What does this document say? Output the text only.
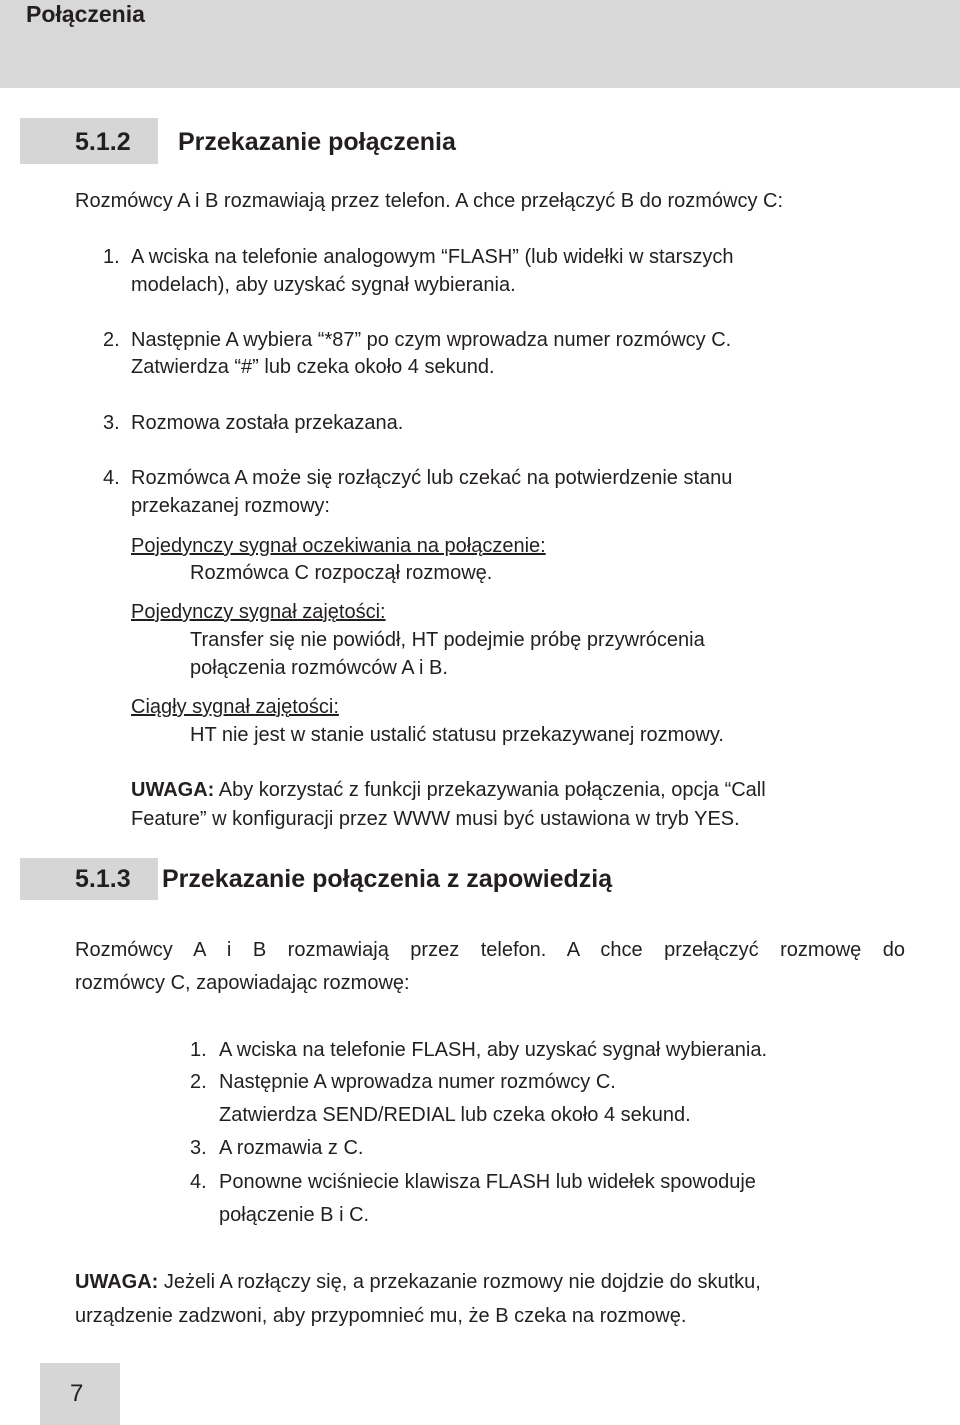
Połączenia
5.1.2 Przekazanie połączenia
Rozmówcy A i B rozmawiają przez telefon. A chce przełączyć B do rozmówcy C:
1. A wciska na telefonie analogowym “FLASH” (lub widełki w starszych
modelach), aby uzyskać sygnał wybierania.
2. Następnie A wybiera “*87” po czym wprowadza numer rozmówcy C.
Zatwierdza “#” lub czeka około 4 sekund.
3. Rozmowa została przekazana.
4. Rozmówca A może się rozłączyć lub czekać na potwierdzenie stanu
przekazanej rozmowy:
Pojedynczy sygnał oczekiwania na połączenie:
Rozmówca C rozpoczął rozmowę.
Pojedynczy sygnał zajętości:
Transfer się nie powiódł, HT podejmie próbę przywrócenia
połączenia rozmówców A i B.
Ciągły sygnał zajętości:
HT nie jest w stanie ustalić statusu przekazywanej rozmowy.
UWAGA: Aby korzystać z funkcji przekazywania połączenia, opcja “Call
Feature” w konfiguracji przez WWW musi być ustawiona w tryb YES.
5.1.3 Przekazanie połączenia z zapowiedzią
Rozmówcy A i B rozmawiają przez telefon. A chce przełączyć rozmowę do
rozmówcy C, zapowiadając rozmowę:
1. A wciska na telefonie FLASH, aby uzyskać sygnał wybierania.
2. Następnie A wprowadza numer rozmówcy C.
Zatwierdza SEND/REDIAL lub czeka około 4 sekund.
3. A rozmawia z C.
4. Ponowne wciśniecie klawisza FLASH lub widełek spowoduje
połączenie B i C.
UWAGA: Jeżeli A rozłączy się, a przekazanie rozmowy nie dojdzie do skutku,
urządzenie zadzwoni, aby przypomnieć mu, że B czeka na rozmowę.
7
